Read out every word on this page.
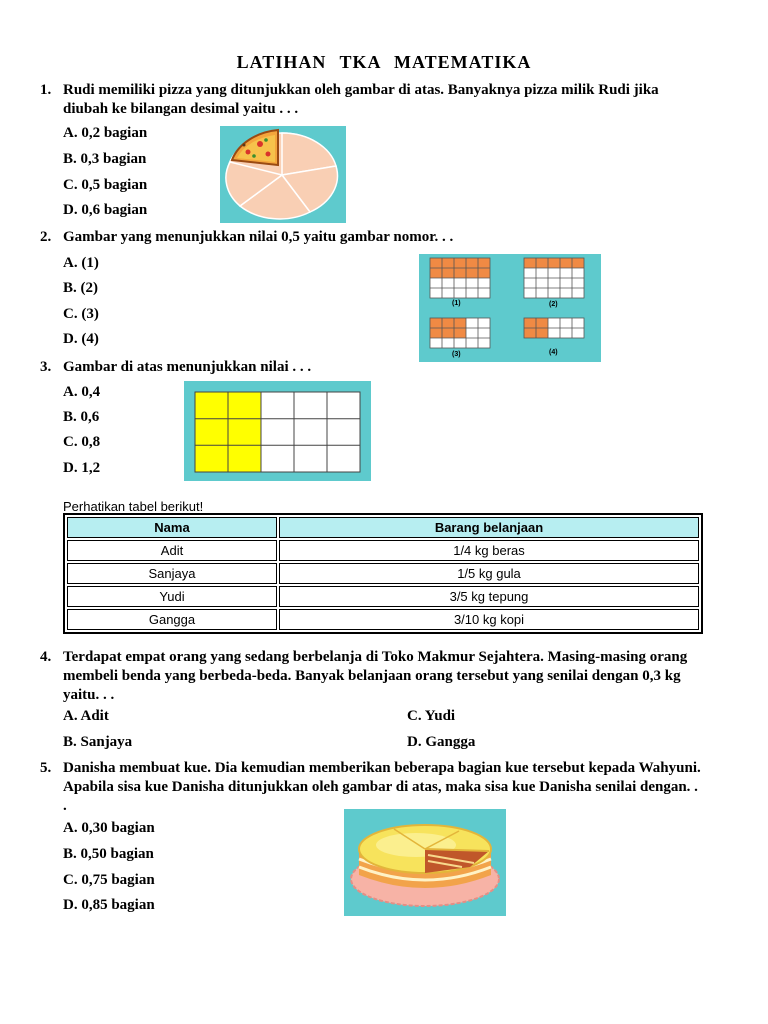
LATIHAN TKA MATEMATIKA
1. Rudi memiliki pizza yang ditunjukkan oleh gambar di atas. Banyaknya pizza milik Rudi jika diubah ke bilangan desimal yaitu . . .
A. 0,2 bagian
B. 0,3 bagian
C. 0,5 bagian
D. 0,6 bagian
2. Gambar yang menunjukkan nilai 0,5 yaitu gambar nomor. . .
A. (1)
B. (2)
C. (3)
D. (4)
(1)	(2)
(3)	(4)
3. Gambar di atas menunjukkan nilai . . .
A. 0,4
B. 0,6
C. 0,8
D. 1,2
Perhatikan tabel berikut!
Nama	Barang belanjaan
Adit	1/4 kg beras
Sanjaya	1/5 kg gula
Yudi	3/5 kg tepung
Gangga	3/10 kg kopi
4. Terdapat empat orang yang sedang berbelanja di Toko Makmur Sejahtera. Masing-masing orang membeli benda yang berbeda-beda. Banyak belanjaan orang tersebut yang senilai dengan 0,3 kg yaitu. . .
A. Adit
B. Sanjaya
C. Yudi
D. Gangga
5. Danisha membuat kue. Dia kemudian memberikan beberapa bagian kue tersebut kepada Wahyuni. Apabila sisa kue Danisha ditunjukkan oleh gambar di atas, maka sisa kue Danisha senilai dengan. . .
A. 0,30 bagian
B. 0,50 bagian
C. 0,75 bagian
D. 0,85 bagian
